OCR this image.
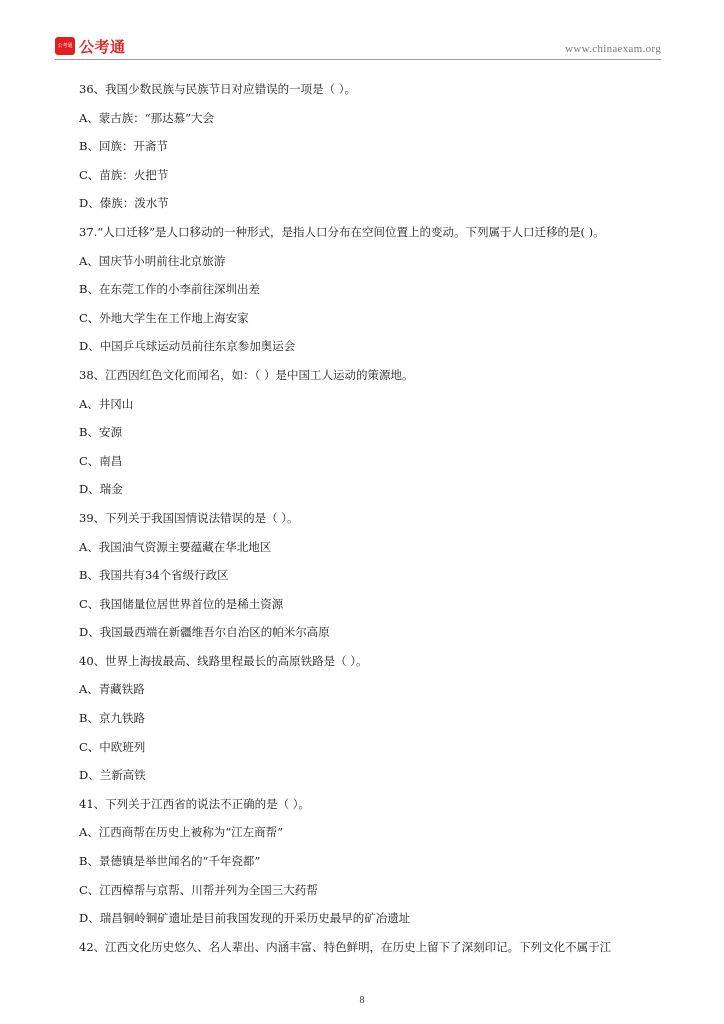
公考通 公考通	www.chinaexam.org
36、我国少数民族与民族节日对应错误的一项是（ ）。
A、蒙古族：“那达慕”大会
B、回族：开斋节
C、苗族：火把节
D、傣族：泼水节
37.“人口迁移”是人口移动的一种形式，是指人口分布在空间位置上的变动。下列属于人口迁移的是( )。
A、国庆节小明前往北京旅游
B、在东莞工作的小李前往深圳出差
C、外地大学生在工作地上海安家
D、中国乒乓球运动员前往东京参加奥运会
38、江西因红色文化而闻名，如：（ ）是中国工人运动的策源地。
A、井冈山
B、安源
C、南昌
D、瑞金
39、下列关于我国国情说法错误的是（ ）。
A、我国油气资源主要蕴藏在华北地区
B、我国共有34个省级行政区
C、我国储量位居世界首位的是稀土资源
D、我国最西端在新疆维吾尔自治区的帕米尔高原
40、世界上海拔最高、线路里程最长的高原铁路是（ ）。
A、青藏铁路
B、京九铁路
C、中欧班列
D、兰新高铁
41、下列关于江西省的说法不正确的是（ ）。
A、江西商帮在历史上被称为“江左商帮”
B、景德镇是举世闻名的“千年瓷都”
C、江西樟帮与京帮、川帮并列为全国三大药帮
D、瑞昌铜岭铜矿遗址是目前我国发现的开采历史最早的矿冶遗址
42、江西文化历史悠久、名人辈出、内涵丰富、特色鲜明，在历史上留下了深刻印记。下列文化不属于江
8
